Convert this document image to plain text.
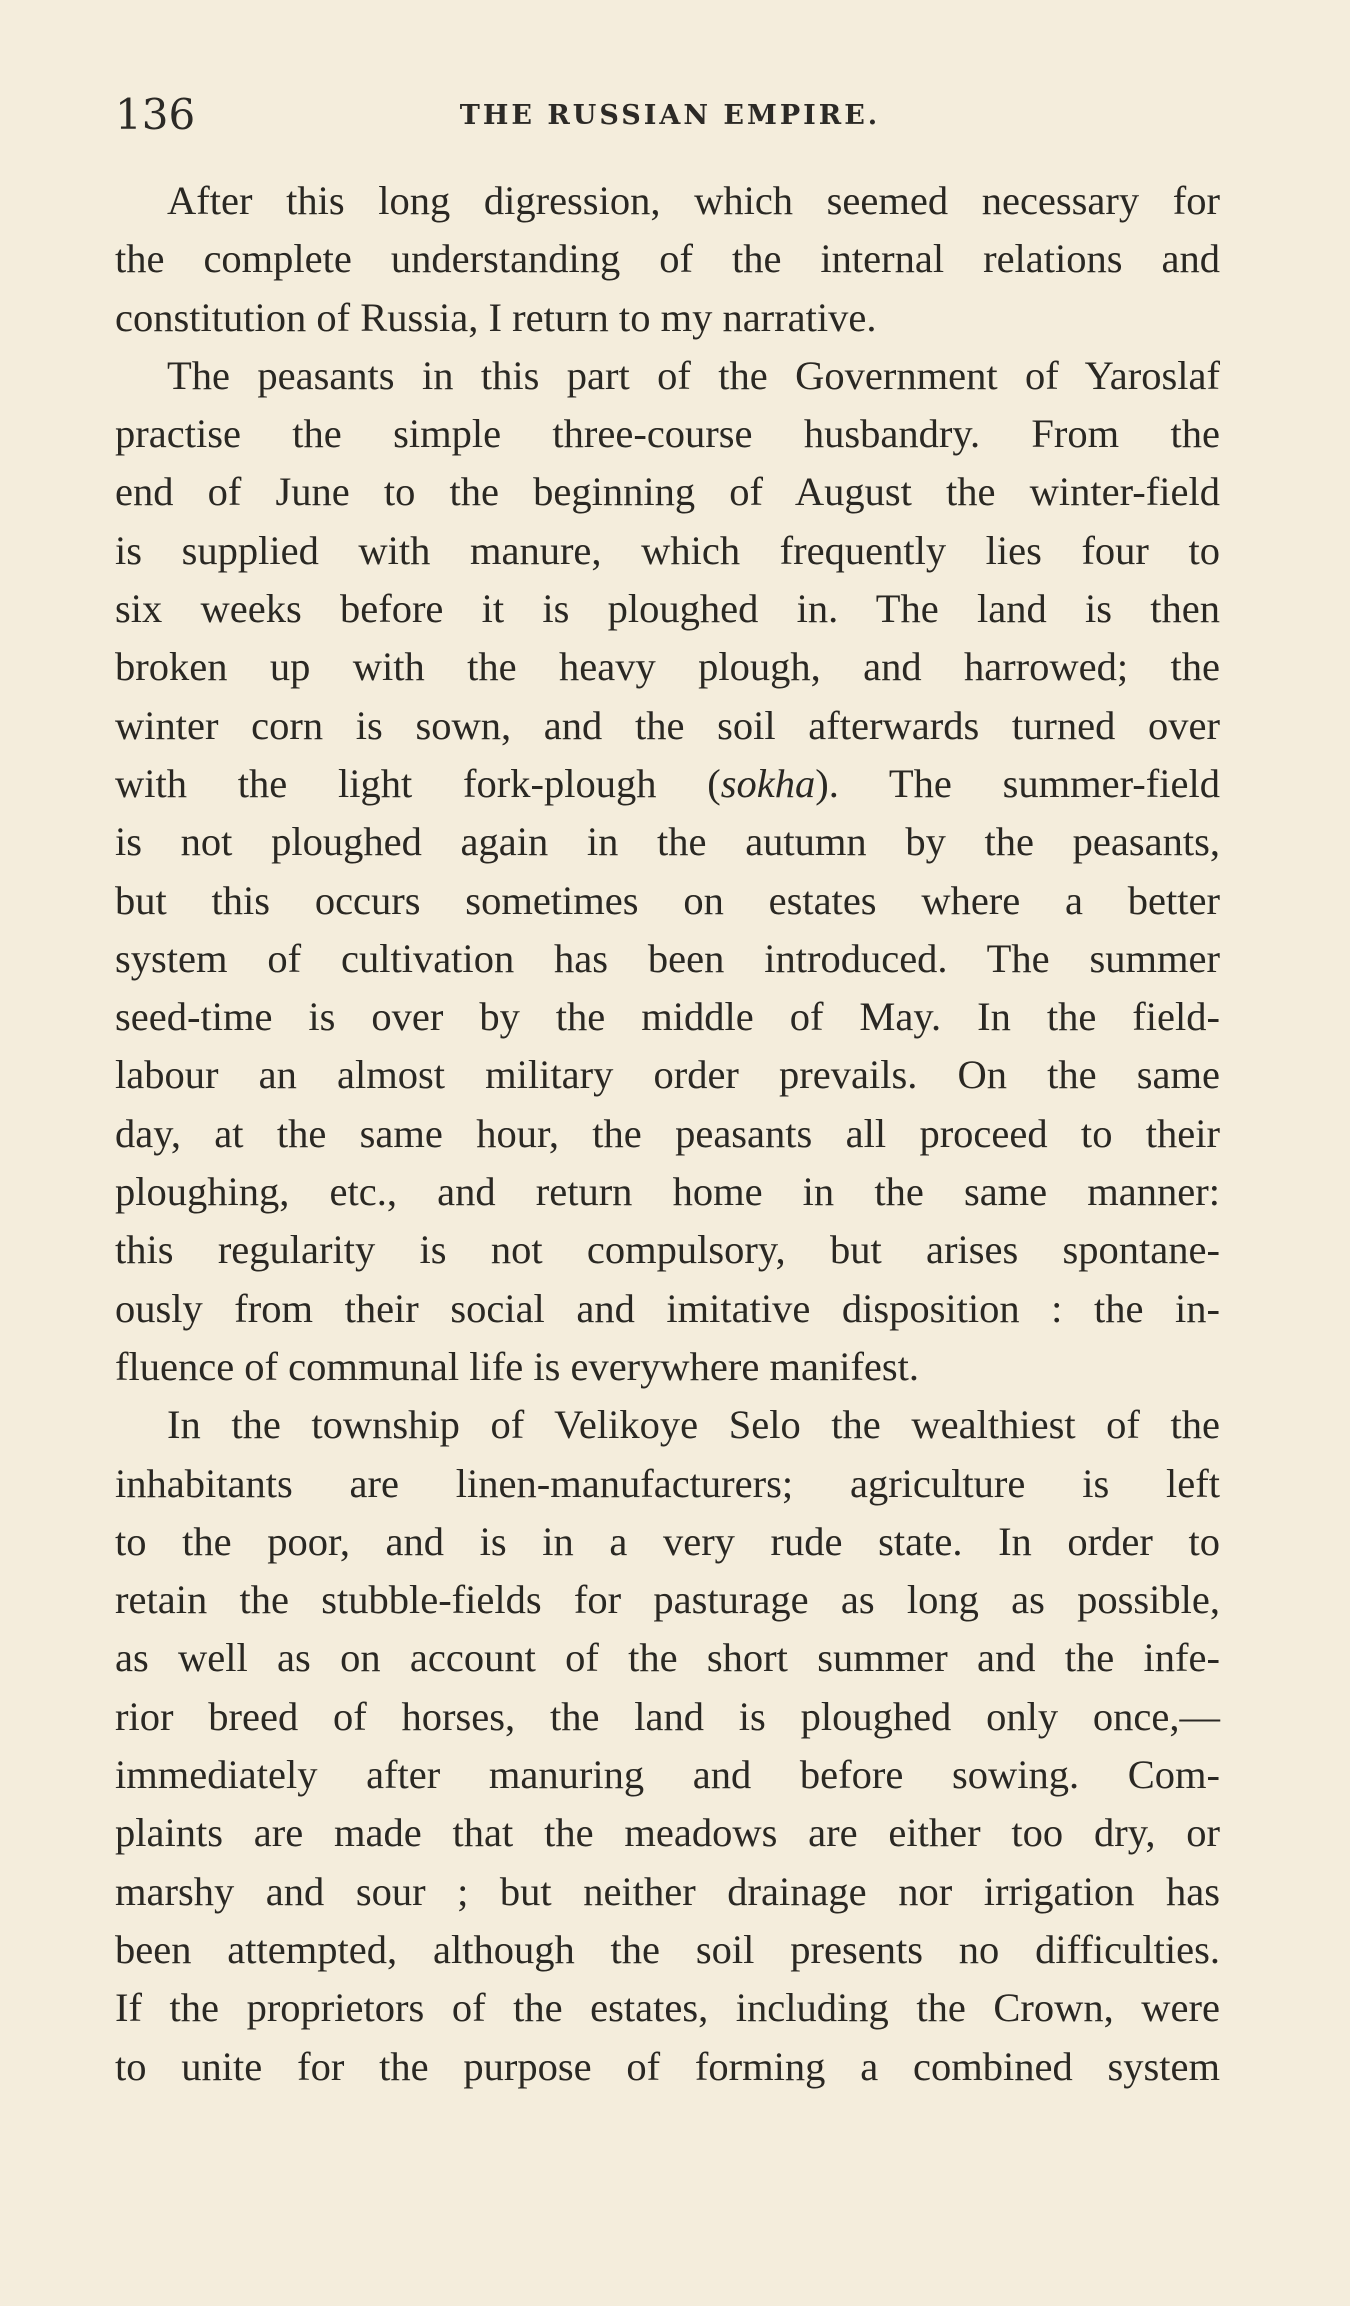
136	THE RUSSIAN EMPIRE.

After this long digression, which seemed necessary for
the complete understanding of the internal relations and
constitution of Russia, I return to my narrative.

The peasants in this part of the Government of Yaroslaf
practise the simple three-course husbandry. From the
end of June to the beginning of August the winter-field
is supplied with manure, which frequently lies four to
six weeks before it is ploughed in. The land is then
broken up with the heavy plough, and harrowed; the
winter corn is sown, and the soil afterwards turned over
with the light fork-plough (sokha). The summer-field
is not ploughed again in the autumn by the peasants,
but this occurs sometimes on estates where a better
system of cultivation has been introduced. The summer
seed-time is over by the middle of May. In the field-
labour an almost military order prevails. On the same
day, at the same hour, the peasants all proceed to their
ploughing, etc., and return home in the same manner:
this regularity is not compulsory, but arises spontane-
ously from their social and imitative disposition : the in-
fluence of communal life is everywhere manifest.

In the township of Velikoye Selo the wealthiest of the
inhabitants are linen-manufacturers; agriculture is left
to the poor, and is in a very rude state. In order to
retain the stubble-fields for pasturage as long as possible,
as well as on account of the short summer and the infe-
rior breed of horses, the land is ploughed only once,—
immediately after manuring and before sowing. Com-
plaints are made that the meadows are either too dry, or
marshy and sour ; but neither drainage nor irrigation has
been attempted, although the soil presents no difficulties.
If the proprietors of the estates, including the Crown, were
to unite for the purpose of forming a combined system
